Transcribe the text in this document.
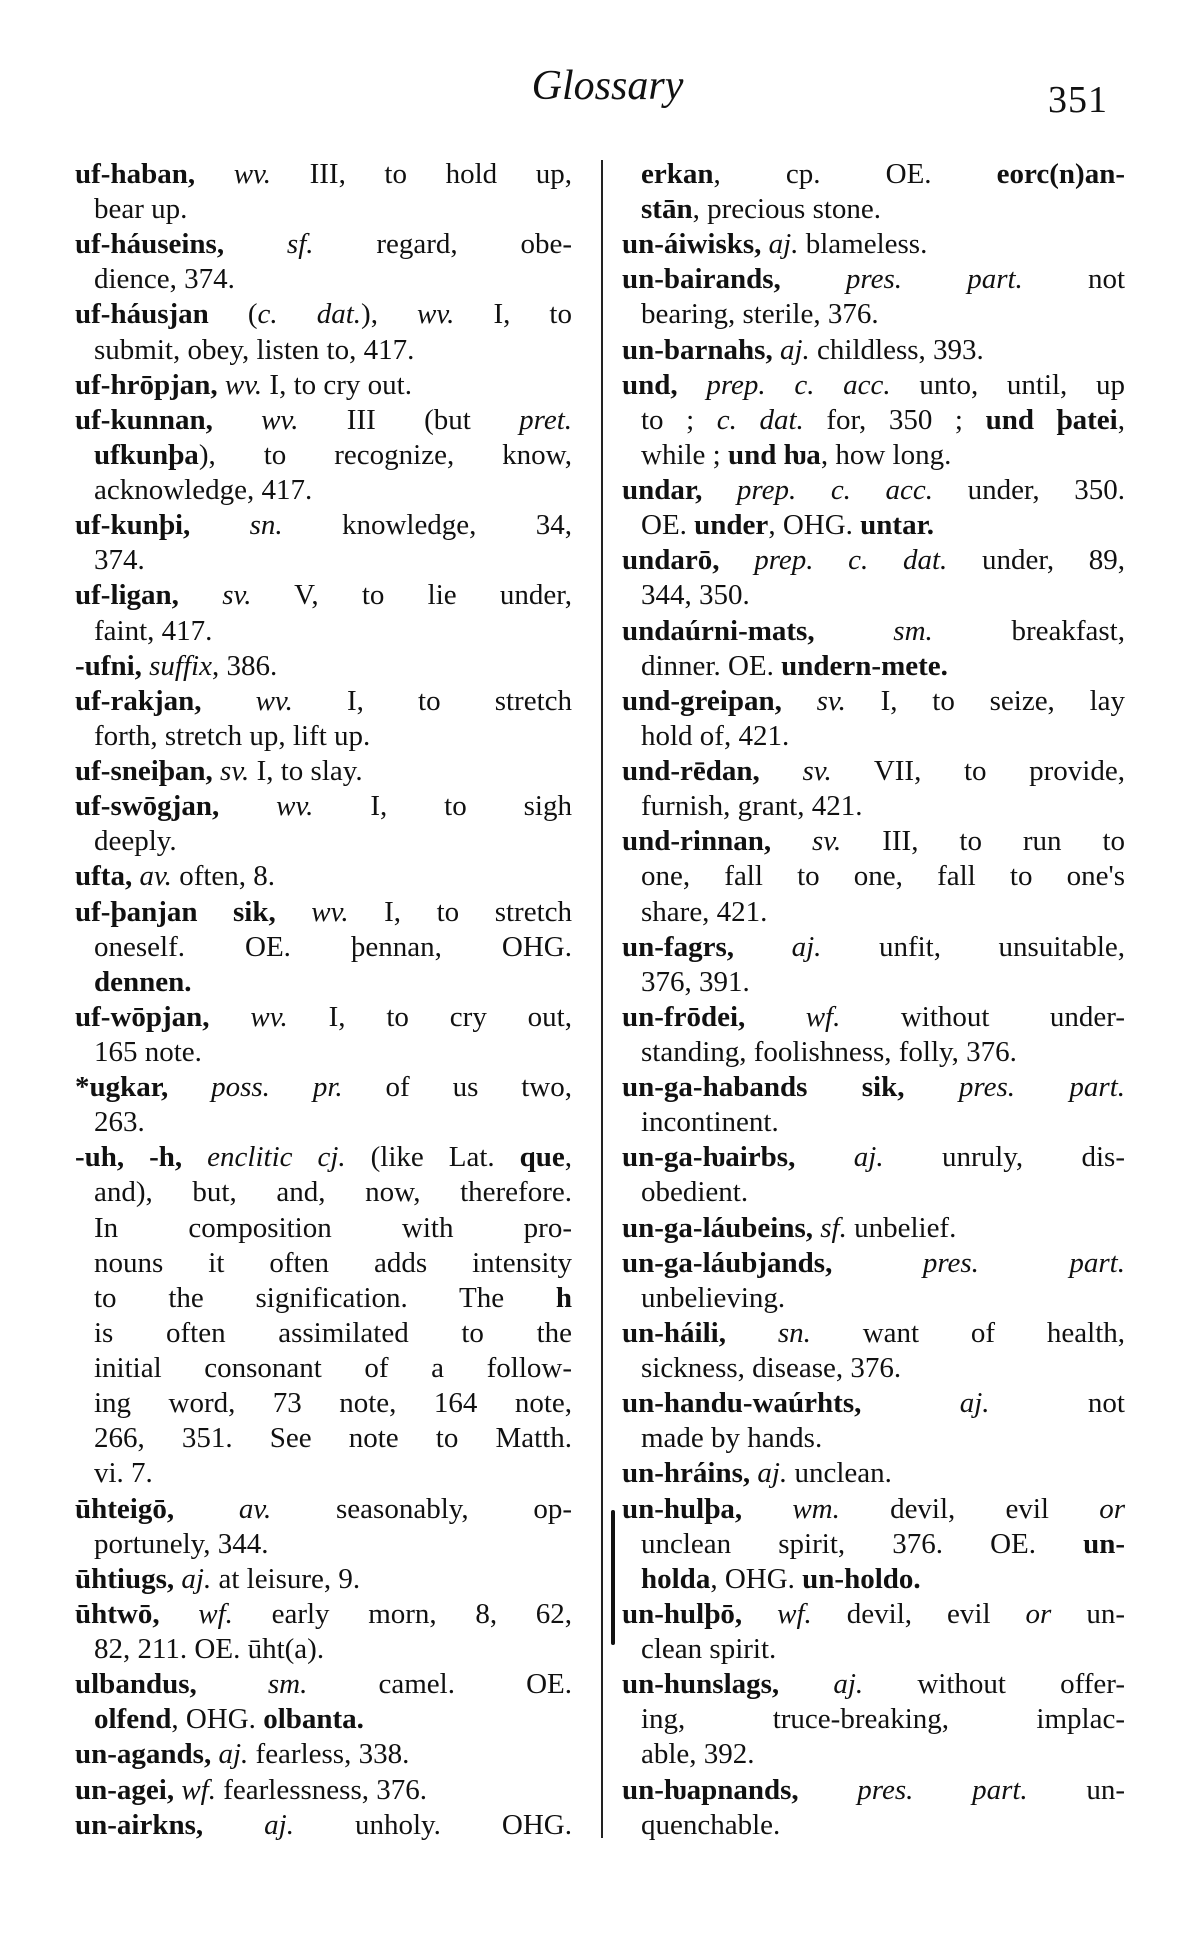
Glossary	351
uf-haban, wv. III, to hold up,
bear up.
uf-háuseins, sf. regard, obe-
dience, 374.
uf-háusjan (c. dat.), wv. I, to
submit, obey, listen to, 417.
uf-hrōpjan, wv. I, to cry out.
uf-kunnan, wv. III (but pret.
ufkunþa), to recognize, know,
acknowledge, 417.
uf-kunþi, sn. knowledge, 34,
374.
uf-ligan, sv. V, to lie under,
faint, 417.
-ufni, suffix, 386.
uf-rakjan, wv. I, to stretch
forth, stretch up, lift up.
uf-sneiþan, sv. I, to slay.
uf-swōgjan, wv. I, to sigh
deeply.
ufta, av. often, 8.
uf-þanjan sik, wv. I, to stretch
oneself. OE. þennan, OHG.
dennen.
uf-wōpjan, wv. I, to cry out,
165 note.
*ugkar, poss. pr. of us two,
263.
-uh, -h, enclitic cj. (like Lat. que,
and), but, and, now, therefore.
In composition with pro-
nouns it often adds intensity
to the signification. The h
is often assimilated to the
initial consonant of a follow-
ing word, 73 note, 164 note,
266, 351. See note to Matth.
vi. 7.
ūhteigō, av. seasonably, op-
portunely, 344.
ūhtiugs, aj. at leisure, 9.
ūhtwō, wf. early morn, 8, 62,
82, 211. OE. ūht(a).
ulbandus, sm. camel. OE.
olfend, OHG. olbanta.
un-agands, aj. fearless, 338.
un-agei, wf. fearlessness, 376.
un-airkns, aj. unholy. OHG.
erkan, cp. OE. eorc(n)an-
stān, precious stone.
un-áiwisks, aj. blameless.
un-bairands, pres. part. not
bearing, sterile, 376.
un-barnahs, aj. childless, 393.
und, prep. c. acc. unto, until, up
to ; c. dat. for, 350 ; und þatei,
while ; und ƕa, how long.
undar, prep. c. acc. under, 350.
OE. under, OHG. untar.
undarō, prep. c. dat. under, 89,
344, 350.
undaúrni-mats, sm. breakfast,
dinner. OE. undern-mete.
und-greipan, sv. I, to seize, lay
hold of, 421.
und-rēdan, sv. VII, to provide,
furnish, grant, 421.
und-rinnan, sv. III, to run to
one, fall to one, fall to one's
share, 421.
un-fagrs, aj. unfit, unsuitable,
376, 391.
un-frōdei, wf. without under-
standing, foolishness, folly, 376.
un-ga-habands sik, pres. part.
incontinent.
un-ga-ƕairbs, aj. unruly, dis-
obedient.
un-ga-láubeins, sf. unbelief.
un-ga-láubjands, pres. part.
unbelieving.
un-háili, sn. want of health,
sickness, disease, 376.
un-handu-waúrhts, aj. not
made by hands.
un-hráins, aj. unclean.
un-hulþa, wm. devil, evil or
unclean spirit, 376. OE. un-
holda, OHG. un-holdo.
un-hulþō, wf. devil, evil or un-
clean spirit.
un-hunslags, aj. without offer-
ing, truce-breaking, implac-
able, 392.
un-ƕapnands, pres. part. un-
quenchable.
